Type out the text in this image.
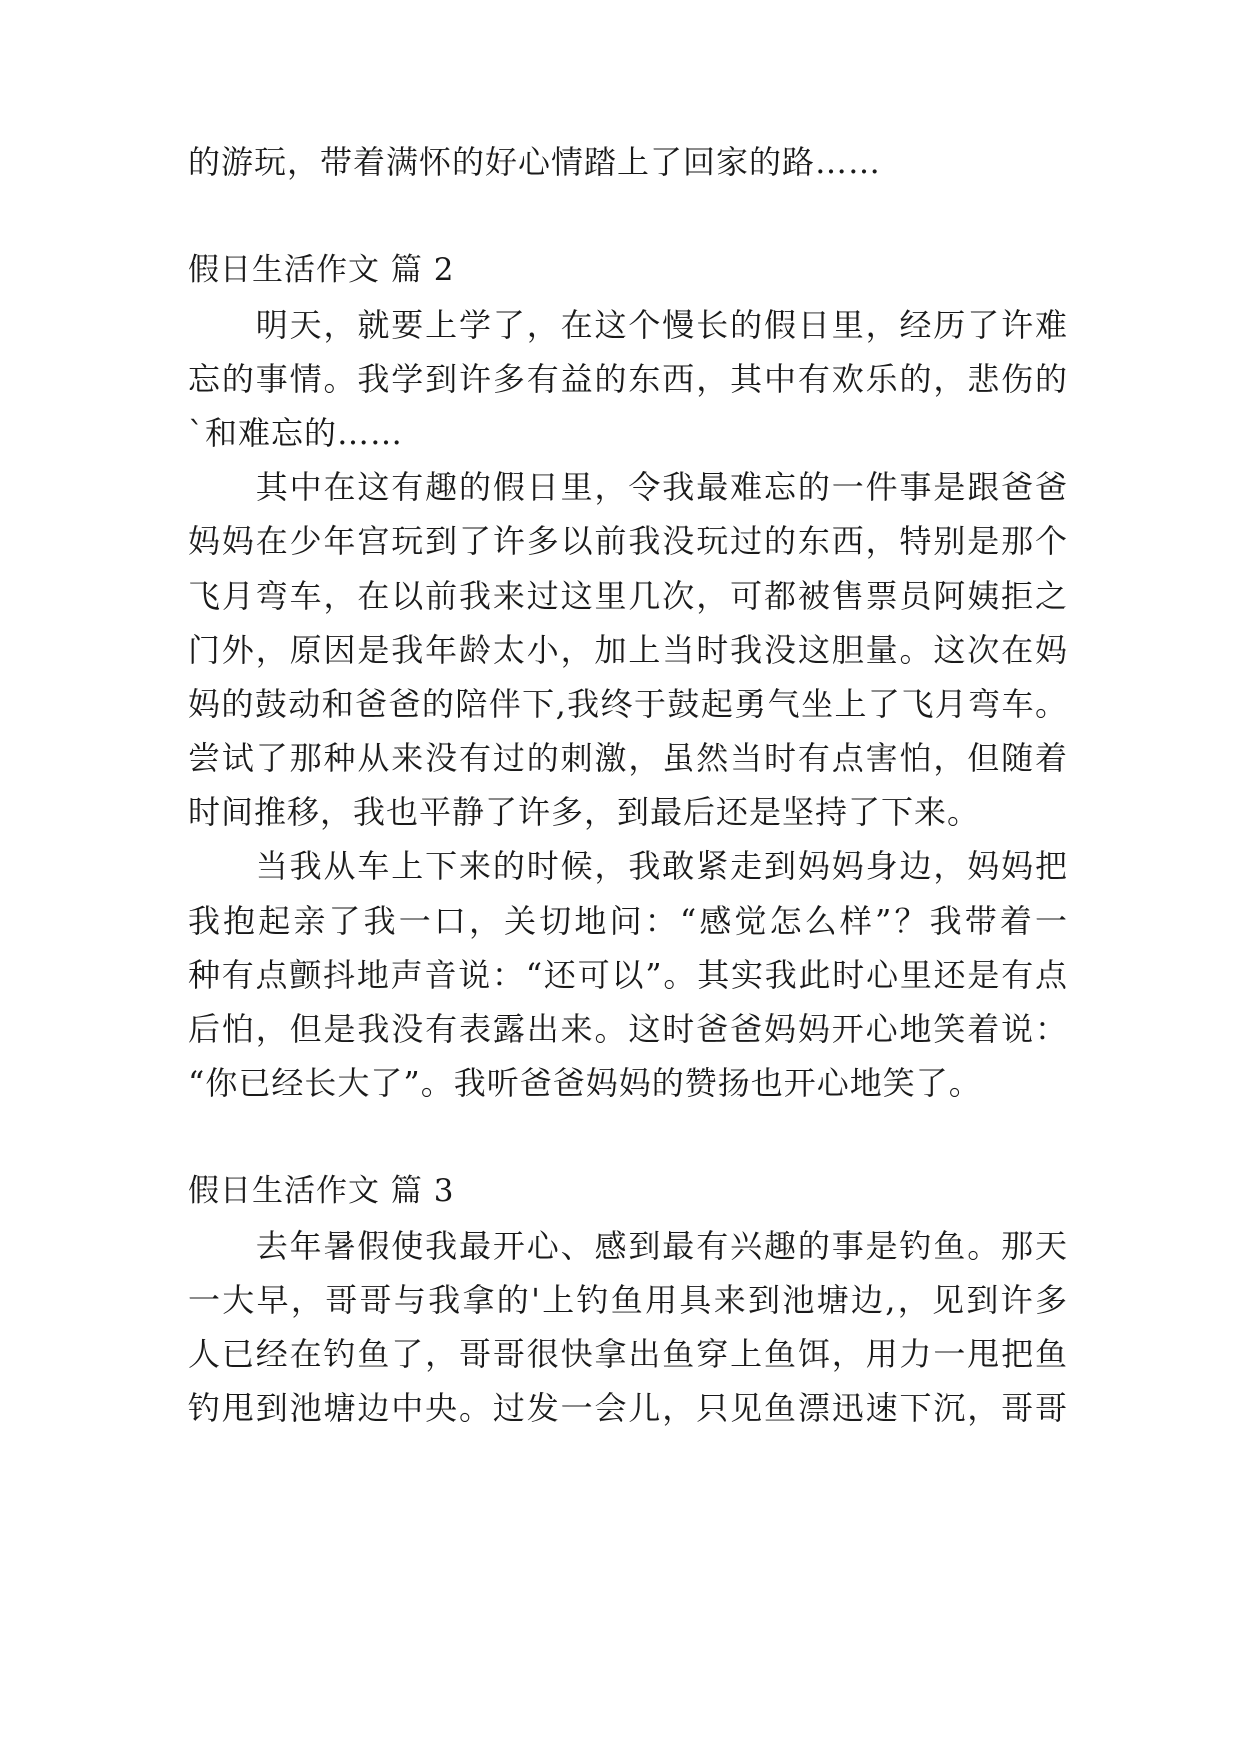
的游玩，带着满怀的好心情踏上了回家的路……
假日生活作文 篇 2
　　明天，就要上学了，在这个慢长的假日里，经历了许难
忘的事情。我学到许多有益的东西，其中有欢乐的，悲伤的
`和难忘的……
　　其中在这有趣的假日里，令我最难忘的一件事是跟爸爸
妈妈在少年宫玩到了许多以前我没玩过的东西，特别是那个
飞月弯车，在以前我来过这里几次，可都被售票员阿姨拒之
门外，原因是我年龄太小，加上当时我没这胆量。这次在妈
妈的鼓动和爸爸的陪伴下,我终于鼓起勇气坐上了飞月弯车。
尝试了那种从来没有过的刺激，虽然当时有点害怕，但随着
时间推移，我也平静了许多，到最后还是坚持了下来。
　　当我从车上下来的时候，我敢紧走到妈妈身边，妈妈把
我抱起亲了我一口，关切地问：“感觉怎么样”？我带着一
种有点颤抖地声音说：“还可以”。其实我此时心里还是有点
后怕，但是我没有表露出来。这时爸爸妈妈开心地笑着说：
“你已经长大了”。我听爸爸妈妈的赞扬也开心地笑了。
假日生活作文 篇 3
　　去年暑假使我最开心、感到最有兴趣的事是钓鱼。那天
一大早，哥哥与我拿的'上钓鱼用具来到池塘边,，见到许多
人已经在钓鱼了，哥哥很快拿出鱼穿上鱼饵，用力一甩把鱼
钓甩到池塘边中央。过发一会儿，只见鱼漂迅速下沉，哥哥
